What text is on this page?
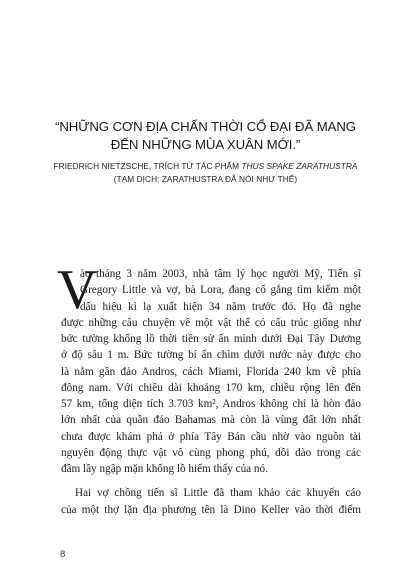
“NHỮNG CƠN ĐỊA CHẤN THỜI CỔ ĐẠI ĐÃ MANG

ĐẾN NHỮNG MÙA XUÂN MỚI.”

FRIEDRICH NIETZSCHE, TRÍCH TỪ TÁC PHẨM THUS SPAKE ZARATHUSTRA
(TẠM DỊCH: ZARATHUSTRA ĐÃ NÓI NHƯ THẾ)
V
ào tháng 3 năm 2003, nhà tâm lý học người Mỹ, Tiến sĩ
Gregory Little và vợ, bà Lora, đang cố gắng tìm kiếm một
dấu hiệu kì lạ xuất hiện 34 năm trước đó. Họ đã nghe
được những câu chuyện về một vật thể có cấu trúc giống như
bức tường khổng lồ thời tiền sử ẩn mình dưới Đại Tây Dương
ở độ sâu 1 m. Bức tường bí ẩn chìm dưới nước này được cho
là nằm gần đảo Andros, cách Miami, Florida 240 km về phía
đông nam. Với chiều dài khoảng 170 km, chiều rộng lên đến
57 km, tổng diện tích 3.703 km², Andros không chỉ là hòn đảo
lớn nhất của quần đảo Bahamas mà còn là vùng đất lớn nhất
chưa được khám phá ở phía Tây Bán cầu nhờ vào nguồn tài
nguyên động thực vật vô cùng phong phú, dồi dào trong các
đầm lầy ngập mặn khổng lồ hiếm thấy của nó.
Hai vợ chồng tiến sĩ Little đã tham khảo các khuyến cáo
của một thợ lặn địa phương tên là Dino Keller vào thời điểm
8
